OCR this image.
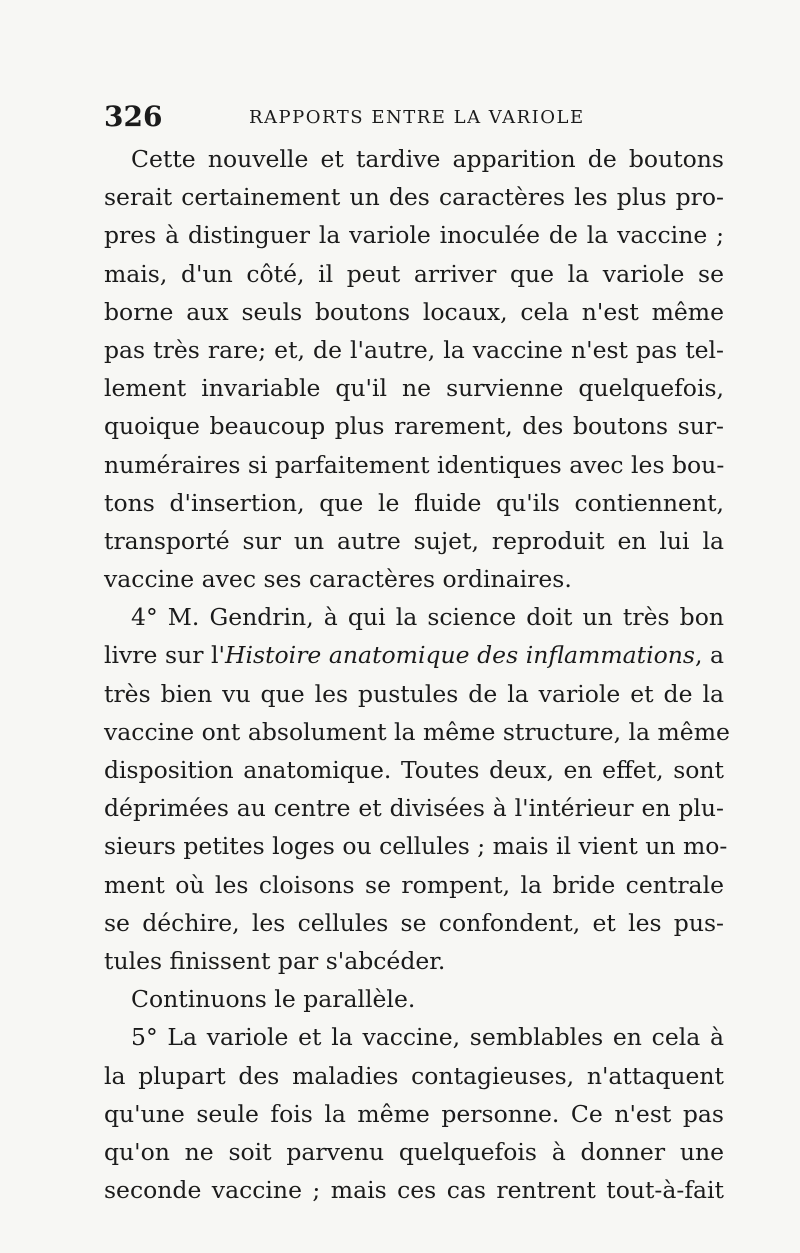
326	RAPPORTS ENTRE LA VARIOLE
Cette nouvelle et tardive apparition de boutons
serait certainement un des caractères les plus pro-
pres à distinguer la variole inoculée de la vaccine ;
mais, d'un côté, il peut arriver que la variole se
borne aux seuls boutons locaux, cela n'est même
pas très rare; et, de l'autre, la vaccine n'est pas tel-
lement invariable qu'il ne survienne quelquefois,
quoique beaucoup plus rarement, des boutons sur-
numéraires si parfaitement identiques avec les bou-
tons d'insertion, que le fluide qu'ils contiennent,
transporté sur un autre sujet, reproduit en lui la
vaccine avec ses caractères ordinaires.
4° M. Gendrin, à qui la science doit un très bon
livre sur l'Histoire anatomique des inflammations, a
très bien vu que les pustules de la variole et de la
vaccine ont absolument la même structure, la même
disposition anatomique. Toutes deux, en effet, sont
déprimées au centre et divisées à l'intérieur en plu-
sieurs petites loges ou cellules ; mais il vient un mo-
ment où les cloisons se rompent, la bride centrale
se déchire, les cellules se confondent, et les pus-
tules finissent par s'abcéder.
Continuons le parallèle.
5° La variole et la vaccine, semblables en cela à
la plupart des maladies contagieuses, n'attaquent
qu'une seule fois la même personne. Ce n'est pas
qu'on ne soit parvenu quelquefois à donner une
seconde vaccine ; mais ces cas rentrent tout-à-fait
